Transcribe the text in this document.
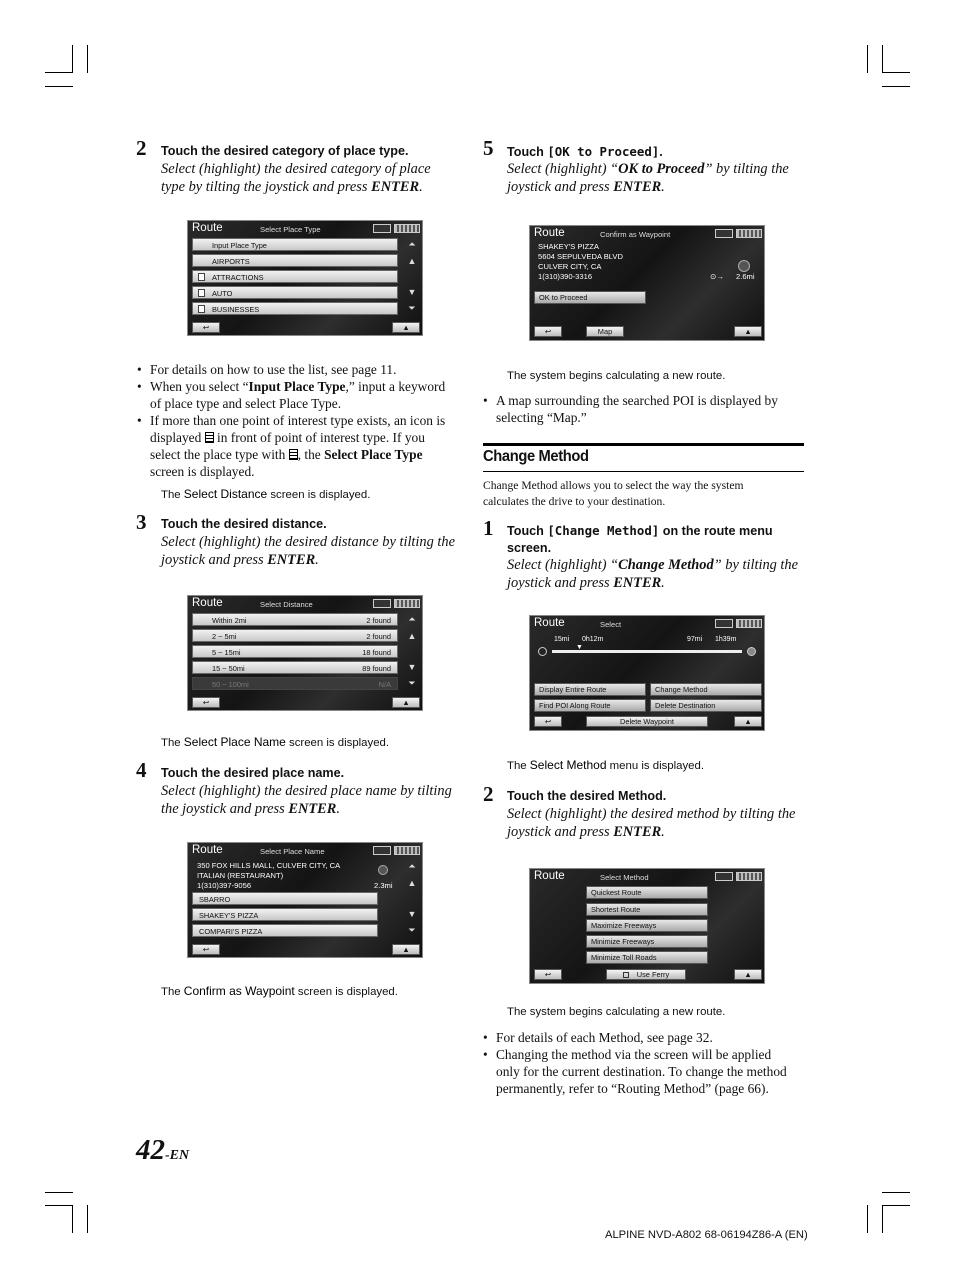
2 Touch the desired category of place type.
Select (highlight) the desired category of place
type by tilting the joystick and press ENTER.
Route	Select Place Type
Input Place Type
AIRPORTS
ATTRACTIONS
AUTO
BUSINESSES
⏶
▲
▼
⏷
↩	▲
• For details on how to use the list, see page 11.
• When you select “Input Place Type,” input a keyword
of place type and select Place Type.
• If more than one point of interest type exists, an icon is
displayed  in front of point of interest type. If you
select the place type with , the Select Place Type
screen is displayed.
The Select Distance screen is displayed.
3 Touch the desired distance.
Select (highlight) the desired distance by tilting the
joystick and press ENTER.
Route	Select Distance
Within 2mi	2 found
2 ~ 5mi	2 found
5 ~ 15mi	18 found
15 ~ 50mi	89 found
50 ~ 100mi	N/A
⏶
▲
▼
⏷
↩	▲
The Select Place Name screen is displayed.
4 Touch the desired place name.
Select (highlight) the desired place name by tilting
the joystick and press ENTER.
Route	Select Place Name
350 FOX HILLS MALL, CULVER CITY, CA
ITALIAN (RESTAURANT)
1(310)397-9056	2.3mi
SBARRO
SHAKEY'S PIZZA
COMPARI'S PIZZA
⏶
▲
▼
⏷
↩	▲
The Confirm as Waypoint screen is displayed.
5 Touch [OK to Proceed].
Select (highlight) “OK to Proceed” by tilting the
joystick and press ENTER.
Route	Confirm as Waypoint
SHAKEY'S PIZZA
5604 SEPULVEDA BLVD
CULVER CITY, CA
1(310)390-3316	⊙→ 2.6mi
OK to Proceed
↩	Map	▲
The system begins calculating a new route.
• A map surrounding the searched POI is displayed by
selecting “Map.”
Change Method
Change Method allows you to select the way the system
calculates the drive to your destination.
1 Touch [Change Method] on the route menu
screen.
Select (highlight) “Change Method” by tilting the
joystick and press ENTER.
Route	Select
15mi 0h12m	97mi 1h39m
▼
Display Entire Route	Change Method
Find POI Along Route	Delete Destination
↩	Delete Waypoint	▲
The Select Method menu is displayed.
2 Touch the desired Method.
Select (highlight) the desired method by tilting the
joystick and press ENTER.
Route	Select Method
Quickest Route
Shortest Route
Maximize Freeways
Minimize Freeways
Minimize Toll Roads
↩	Use Ferry	▲
The system begins calculating a new route.
• For details of each Method, see page 32.
• Changing the method via the screen will be applied
only for the current destination. To change the method
permanently, refer to “Routing Method” (page 66).
42-EN
ALPINE NVD-A802 68-06194Z86-A (EN)
